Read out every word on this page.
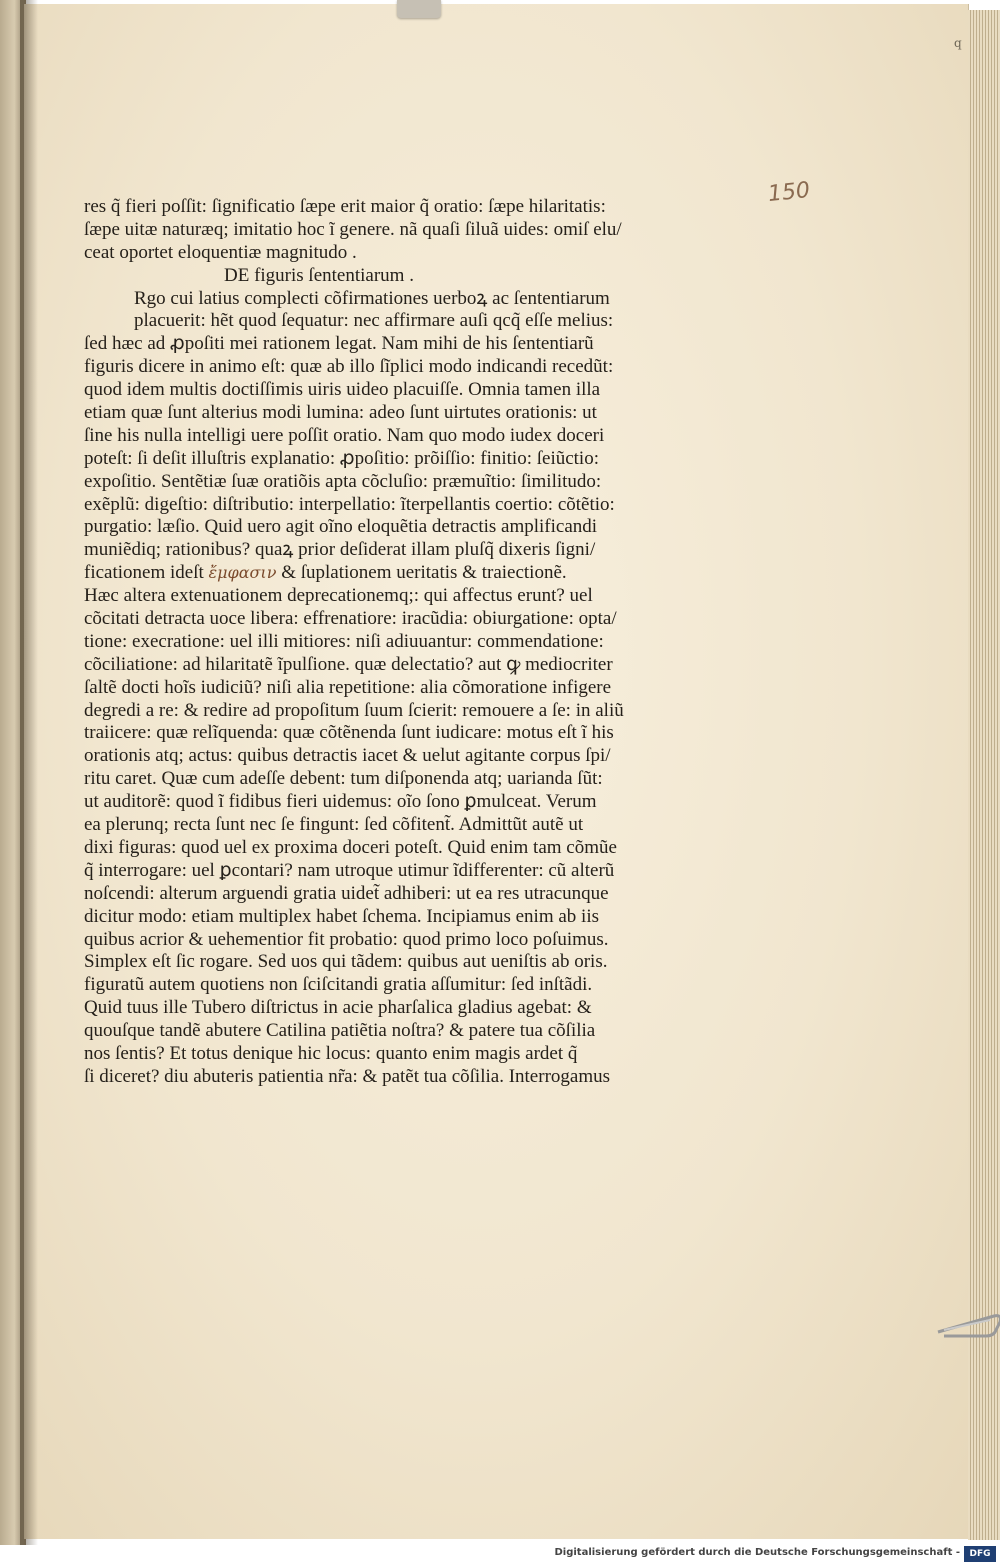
q
150
res q̃ fieri poſſit: ſignificatio ſæpe erit maior q̃ oratio: ſæpe hilaritatis:
ſæpe uitæ naturæq; imitatio hoc ĩ genere. nã quaſi ſiluã uides: omiſ elu/
ceat oportet eloquentiæ magnitudo .
DE figuris ſententiarum .
Rgo cui latius complecti cõfirmationes uerboꝝ ac ſententiarum
placuerit: hẽt quod ſequatur: nec affirmare auſi qcq̃ eſſe melius:
ſed hæc ad ꝓpoſiti mei rationem legat. Nam mihi de his ſententiarũ
figuris dicere in animo eſt: quæ ab illo ſĩplici modo indicandi recedũt:
quod idem multis doctiſſimis uiris uideo placuiſſe. Omnia tamen illa
etiam quæ ſunt alterius modi lumina: adeo ſunt uirtutes orationis: ut
ſine his nulla intelligi uere poſſit oratio. Nam quo modo iudex doceri
poteſt: ſi deſit illuſtris explanatio: ꝓpoſitio: prõiſſio: finitio: ſeiũctio:
expoſitio. Sentẽtiæ ſuæ oratiõis apta cõcluſio: præmuĩtio: ſimilitudo:
exẽplũ: digeſtio: diſtributio: interpellatio: ĩterpellantis coertio: cõtẽtio:
purgatio: læſio. Quid uero agit oĩno eloquẽtia detractis amplificandi
muniẽdiq; rationibus? quaꝝ prior deſiderat illam pluſq̃ dixeris ſigni/
ficationem ideſt ἔμφασιν & ſuplationem ueritatis & traiectionẽ.
Hæc altera extenuationem deprecationemq;: qui affectus erunt? uel
cõcitati detracta uoce libera: effrenatiore: iracũdia: obiurgatione: opta/
tione: execratione: uel illi mitiores: niſi adiuuantur: commendatione:
cõciliatione: ad hilaritatẽ ĩpulſione. quæ delectatio? aut ꝙ mediocriter
ſaltẽ docti hoĩs iudiciũ? niſi alia repetitione: alia cõmoratione infigere
degredi a re: & redire ad propoſitum ſuum ſcierit: remouere a ſe: in aliũ
traiicere: quæ relĩquenda: quæ cõtẽnenda ſunt iudicare: motus eſt ĩ his
orationis atq; actus: quibus detractis iacet & uelut agitante corpus ſpi/
ritu caret. Quæ cum adeſſe debent: tum diſponenda atq; uarianda ſũt:
ut auditorẽ: quod ĩ fidibus fieri uidemus: oĩo ſono ꝑmulceat. Verum
ea plerunq; recta ſunt nec ſe fingunt: ſed cõfitent̃. Admittũt autẽ ut
dixi figuras: quod uel ex proxima doceri poteſt. Quid enim tam cõmũe
q̃ interrogare: uel ꝑcontari? nam utroque utimur ĩdifferenter: cũ alterũ
noſcendi: alterum arguendi gratia uidet̃ adhiberi: ut ea res utracunque
dicitur modo: etiam multiplex habet ſchema. Incipiamus enim ab iis
quibus acrior & uehementior fit probatio: quod primo loco poſuimus.
Simplex eſt ſic rogare. Sed uos qui tãdem: quibus aut ueniſtis ab oris.
figuratũ autem quotiens non ſciſcitandi gratia aſſumitur: ſed inſtãdi.
Quid tuus ille Tubero diſtrictus in acie pharſalica gladius agebat: &
quouſque tandẽ abutere Catilina patiẽtia noſtra? & patere tua cõſilia
nos ſentis? Et totus denique hic locus: quanto enim magis ardet q̃
ſi diceret? diu abuteris patientia nr̃a: & patẽt tua cõſilia. Interrogamus
Digitalisierung gefördert durch die Deutsche Forschungsgemeinschaft -	DFG
